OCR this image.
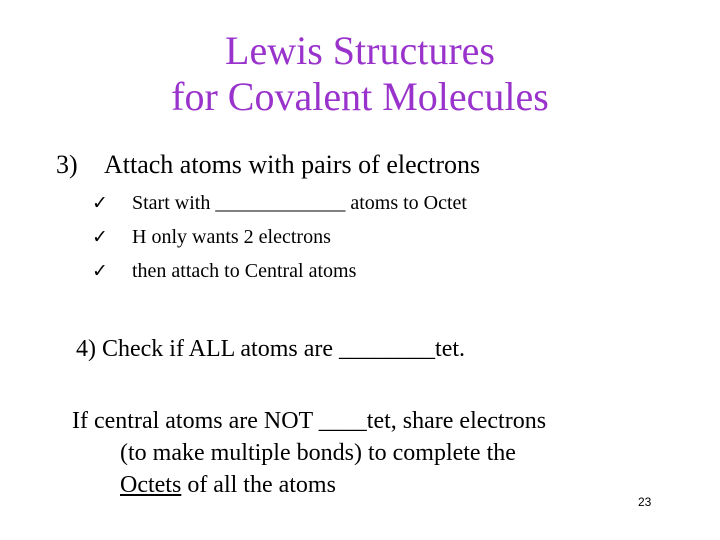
Lewis Structures
for Covalent Molecules
3) Attach atoms with pairs of electrons
✓ Start with _____________ atoms to Octet
✓ H only wants 2 electrons
✓ then attach to Central atoms
4) Check if ALL atoms are ________tet.
If central atoms are NOT ____tet, share electrons
(to make multiple bonds) to complete the
Octets of all the atoms
23
